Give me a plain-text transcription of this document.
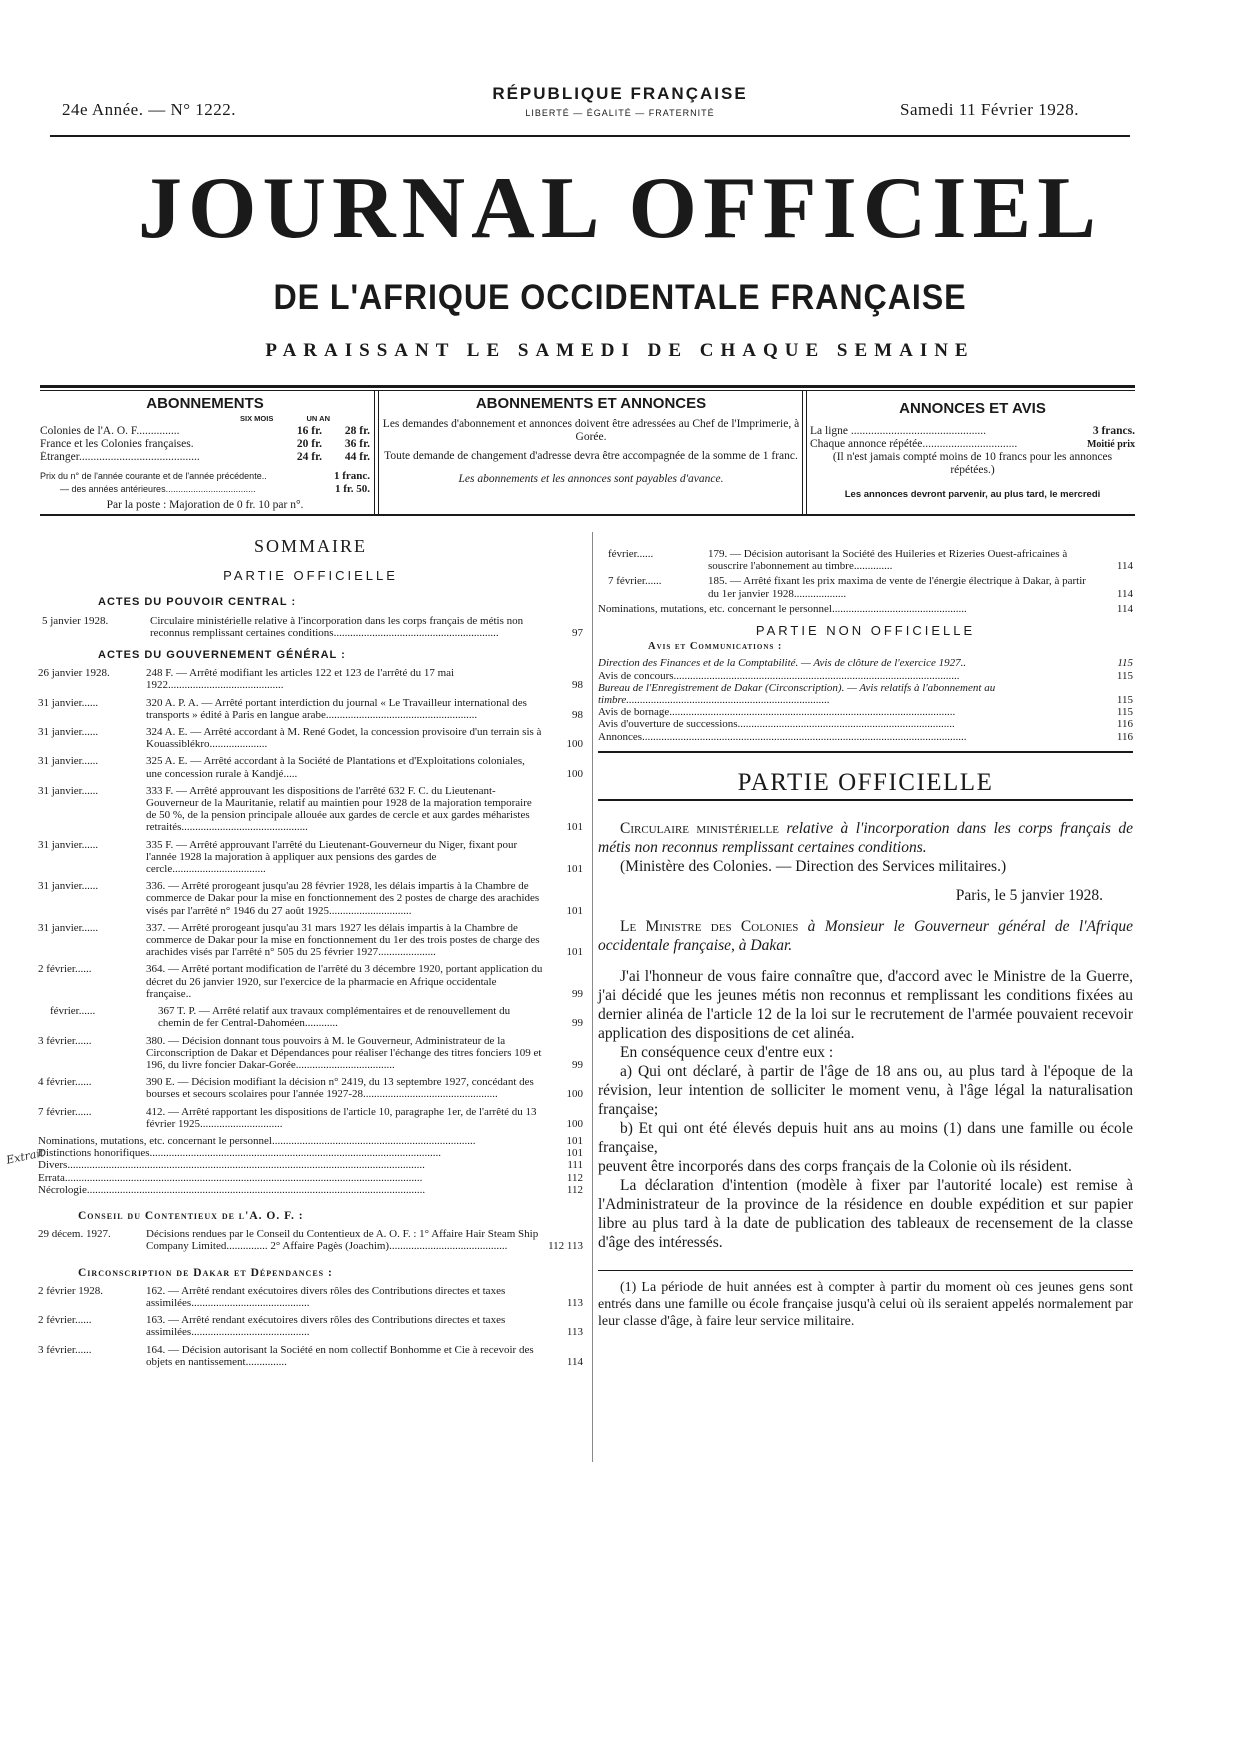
24e Année. — N° 1222.
RÉPUBLIQUE FRANÇAISE
LIBERTÉ — ÉGALITÉ — FRATERNITÉ	Samedi 11 Février 1928.
JOURNAL OFFICIEL
DE L'AFRIQUE OCCIDENTALE FRANÇAISE
PARAISSANT LE SAMEDI DE CHAQUE SEMAINE
ABONNEMENTS
SIX MOIS	UN AN
Colonies de l'A. O. F...............	16 fr.	28 fr.
France et les Colonies françaises.	20 fr.	36 fr.
Étranger..........................................	24 fr.	44 fr.
Prix du n° de l'année courante et de l'année précédente..	1 franc.
— des années antérieures....................................	1 fr. 50.
Par la poste : Majoration de 0 fr. 10 par n°.
ABONNEMENTS ET ANNONCES
Les demandes d'abonnement et annonces doivent être adressées au Chef de l'Imprimerie, à Gorée.
Toute demande de changement d'adresse devra être accompagnée de la somme de 1 franc.
Les abonnements et les annonces sont payables d'avance.
ANNONCES ET AVIS
La ligne ...............................................	3 francs.
Chaque annonce répétée.................................	Moitié prix
(Il n'est jamais compté moins de 10 francs pour les annonces répétées.)
Les annonces devront parvenir, au plus tard, le mercredi
SOMMAIRE
PARTIE OFFICIELLE
ACTES DU POUVOIR CENTRAL :
5 janvier 1928.	Circulaire ministérielle relative à l'incorporation dans les corps français de métis non reconnus remplissant certaines conditions............................................................	97
ACTES DU GOUVERNEMENT GÉNÉRAL :
26 janvier 1928.	248 F. — Arrêté modifiant les articles 122 et 123 de l'arrêté du 17 mai 1922..........................................	98
31 janvier......	320 A. P. A. — Arrêté portant interdiction du journal « Le Travailleur international des transports » édité à Paris en langue arabe.......................................................	98
31 janvier......	324 A. E. — Arrêté accordant à M. René Godet, la concession provisoire d'un terrain sis à Kouassiblékro.....................	100
31 janvier......	325 A. E. — Arrêté accordant à la Société de Plantations et d'Exploitations coloniales, une concession rurale à Kandjé.....	100
31 janvier......	333 F. — Arrêté approuvant les dispositions de l'arrêté 632 F. C. du Lieutenant-Gouverneur de la Mauritanie, relatif au maintien pour 1928 de la majoration temporaire de 50 %, de la pension principale allouée aux gardes de cercle et aux gardes méharistes retraités..............................................	101
31 janvier......	335 F. — Arrêté approuvant l'arrêté du Lieutenant-Gouverneur du Niger, fixant pour l'année 1928 la majoration à appliquer aux pensions des gardes de cercle..................................	101
31 janvier......	336. — Arrêté prorogeant jusqu'au 28 février 1928, les délais impartis à la Chambre de commerce de Dakar pour la mise en fonctionnement des 2 postes de charge des arachides visés par l'arrêté n° 1946 du 27 août 1925..............................	101
31 janvier......	337. — Arrêté prorogeant jusqu'au 31 mars 1927 les délais impartis à la Chambre de commerce de Dakar pour la mise en fonctionnement du 1er des trois postes de charge des arachides visés par l'arrêté n° 505 du 25 février 1927.....................	101
2 février......	364. — Arrêté portant modification de l'arrêté du 3 décembre 1920, portant application du décret du 26 janvier 1920, sur l'exercice de la pharmacie en Afrique occidentale française..	99
février......	367 T. P. — Arrêté relatif aux travaux complémentaires et de renouvellement du chemin de fer Central-Dahoméen............	99
3 février......	380. — Décision donnant tous pouvoirs à M. le Gouverneur, Administrateur de la Circonscription de Dakar et Dépendances pour réaliser l'échange des titres fonciers 109 et 196, du livre foncier Dakar-Gorée....................................	99
4 février......	390 E. — Décision modifiant la décision n° 2419, du 13 septembre 1927, concédant des bourses et secours scolaires pour l'année 1927-28.................................................	100
7 février......	412. — Arrêté rapportant les dispositions de l'article 10, paragraphe 1er, de l'arrêté du 13 février 1925..............................	100
Nominations, mutations, etc. concernant le personnel..........................................................................	101
Distinctions honorifiques..........................................................................................................	101
Divers..................................................................................................................................	111
Errata..................................................................................................................................	112
Nécrologie...........................................................................................................................	112
Conseil du Contentieux de l'A. O. F. :
29 décem. 1927.	Décisions rendues par le Conseil du Contentieux de A. O. F. : 1° Affaire Hair Steam Ship Company Limited............... 2° Affaire Pagès (Joachim)...........................................	112 113
Circonscription de Dakar et Dépendances :
2 février 1928.	162. — Arrêté rendant exécutoires divers rôles des Contributions directes et taxes assimilées...........................................	113
2 février......	163. — Arrêté rendant exécutoires divers rôles des Contributions directes et taxes assimilées...........................................	113
3 février......	164. — Décision autorisant la Société en nom collectif Bonhomme et Cie à recevoir des objets en nantissement...............	114
Extrait
février......	179. — Décision autorisant la Société des Huileries et Rizeries Ouest-africaines à souscrire l'abonnement au timbre..............	114
7 février......	185. — Arrêté fixant les prix maxima de vente de l'énergie électrique à Dakar, à partir du 1er janvier 1928...................	114
Nominations, mutations, etc. concernant le personnel.................................................	114
PARTIE NON OFFICIELLE
Avis et Communications :
Direction des Finances et de la Comptabilité. — Avis de clôture de l'exercice 1927..	115
Avis de concours........................................................................................................	115
Bureau de l'Enregistrement de Dakar (Circonscription). — Avis relatifs à l'abonnement au timbre..........................................................................	115
Avis de bornage........................................................................................................	115
Avis d'ouverture de successions...............................................................................	116
Annonces......................................................................................................................	116
PARTIE OFFICIELLE

Circulaire ministérielle relative à l'incorporation dans les corps français de métis non reconnus remplissant certaines conditions.

(Ministère des Colonies. — Direction des Services militaires.)

Paris, le 5 janvier 1928.

Le Ministre des Colonies à Monsieur le Gouverneur général de l'Afrique occidentale française, à Dakar.

J'ai l'honneur de vous faire connaître que, d'accord avec le Ministre de la Guerre, j'ai décidé que les jeunes métis non reconnus et remplissant les conditions fixées au dernier alinéa de l'article 12 de la loi sur le recrutement de l'armée pouvaient recevoir application des dispositions de cet alinéa.

En conséquence ceux d'entre eux :

a) Qui ont déclaré, à partir de l'âge de 18 ans ou, au plus tard à l'époque de la révision, leur intention de solliciter le moment venu, à l'âge légal la naturalisation française;

b) Et qui ont été élevés depuis huit ans au moins (1) dans une famille ou école française,

peuvent être incorporés dans des corps français de la Colonie où ils résident.

La déclaration d'intention (modèle à fixer par l'autorité locale) est remise à l'Administrateur de la province de la résidence en double expédition et sur papier libre au plus tard à la date de publication des tableaux de recensement de la classe d'âge des intéressés.

(1) La période de huit années est à compter à partir du moment où ces jeunes gens sont entrés dans une famille ou école française jusqu'à celui où ils seraient appelés normalement par leur classe d'âge, à faire leur service militaire.
